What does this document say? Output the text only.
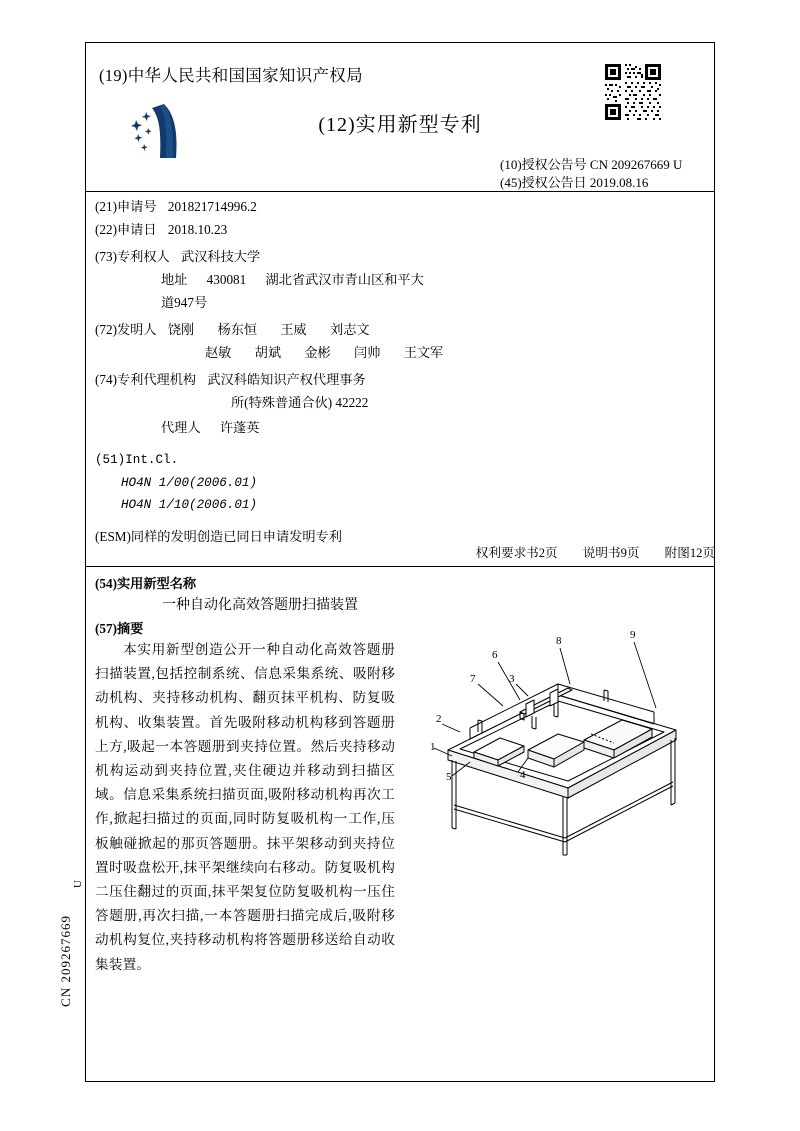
(19)中华人民共和国国家知识产权局
(12)实用新型专利
(10)授权公告号 CN 209267669 U
(45)授权公告日 2019.08.16
(21)申请号 201821714996.2
(22)申请日 2018.10.23
(73)专利权人 武汉科技大学
地址 430081 湖北省武汉市青山区和平大
道947号
(72)发明人 饶刚 杨东恒 王威 刘志文
赵敏 胡斌 金彬 闫帅 王文军
(74)专利代理机构 武汉科皓知识产权代理事务
所(特殊普通合伙) 42222
代理人 许蓬英
(51)Int.Cl.
HO4N 1/00(2006.01)
HO4N 1/10(2006.01)
(ESM)同样的发明创造已同日申请发明专利
权利要求书2页 说明书9页 附图12页
(54)实用新型名称
一种自动化高效答题册扫描装置
(57)摘要
本实用新型创造公开一种自动化高效答题册扫描装置,包括控制系统、信息采集系统、吸附移动机构、夹持移动机构、翻页抹平机构、防复吸机构、收集装置。首先吸附移动机构移到答题册上方,吸起一本答题册到夹持位置。然后夹持移动机构运动到夹持位置,夹住硬边并移动到扫描区域。信息采集系统扫描页面,吸附移动机构再次工作,掀起扫描过的页面,同时防复吸机构一工作,压板触碰掀起的那页答题册。抹平架移动到夹持位置时吸盘松开,抹平架继续向右移动。防复吸机构二压住翻过的页面,抹平架复位防复吸机构一压住答题册,再次扫描,一本答题册扫描完成后,吸附移动机构复位,夹持移动机构将答题册移送给自动收集装置。
1
2
3
4
5
6
7
8	9
CN 209267669
U
